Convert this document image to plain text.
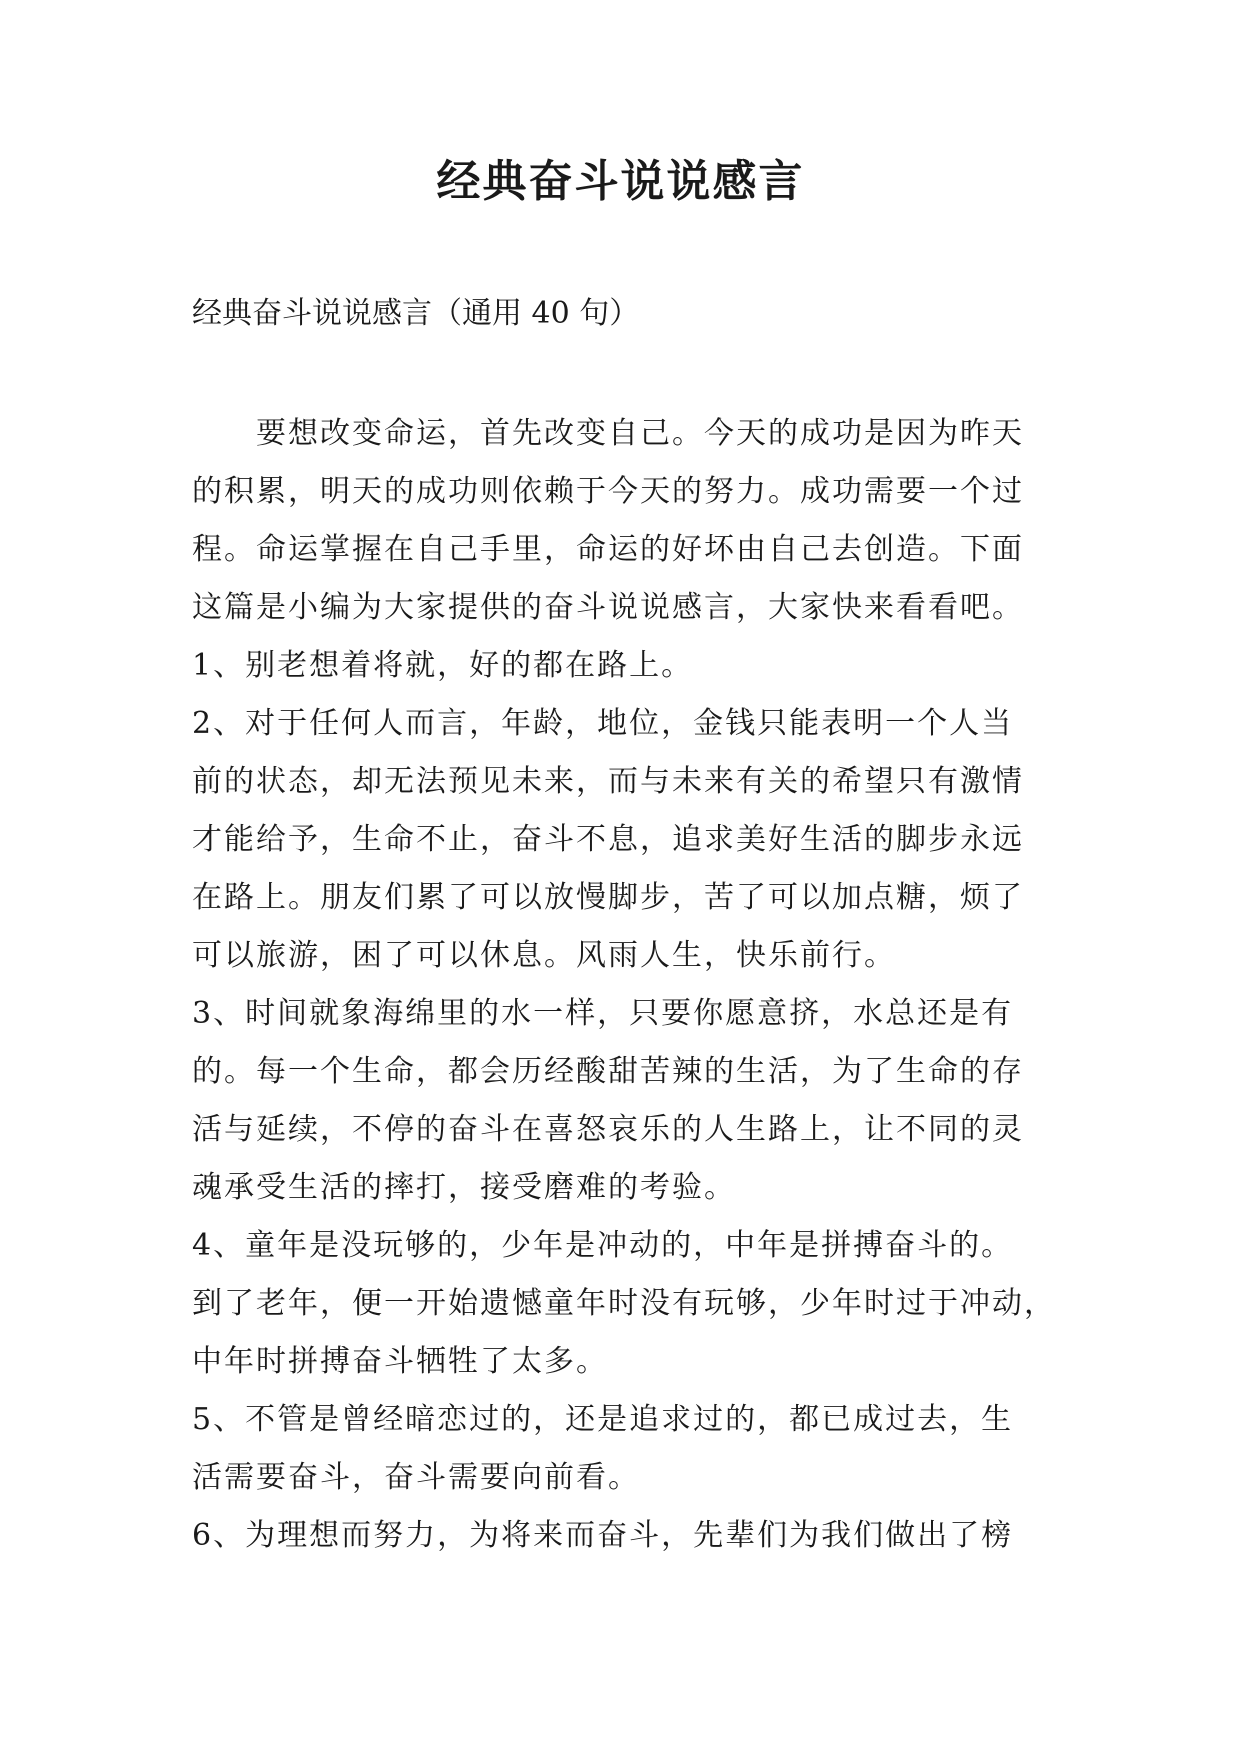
经典奋斗说说感言
经典奋斗说说感言（通用 40 句）
要想改变命运，首先改变自己。今天的成功是因为昨天
的积累，明天的成功则依赖于今天的努力。成功需要一个过
程。命运掌握在自己手里，命运的好坏由自己去创造。下面
这篇是小编为大家提供的奋斗说说感言，大家快来看看吧。
1、别老想着将就，好的都在路上。
2、对于任何人而言，年龄，地位，金钱只能表明一个人当
前的状态，却无法预见未来，而与未来有关的希望只有激情
才能给予，生命不止，奋斗不息，追求美好生活的脚步永远
在路上。朋友们累了可以放慢脚步，苦了可以加点糖，烦了
可以旅游，困了可以休息。风雨人生，快乐前行。
3、时间就象海绵里的水一样，只要你愿意挤，水总还是有
的。每一个生命，都会历经酸甜苦辣的生活，为了生命的存
活与延续，不停的奋斗在喜怒哀乐的人生路上，让不同的灵
魂承受生活的摔打，接受磨难的考验。
4、童年是没玩够的，少年是冲动的，中年是拼搏奋斗的。
到了老年，便一开始遗憾童年时没有玩够，少年时过于冲动，
中年时拼搏奋斗牺牲了太多。
5、不管是曾经暗恋过的，还是追求过的，都已成过去，生
活需要奋斗，奋斗需要向前看。
6、为理想而努力，为将来而奋斗，先辈们为我们做出了榜
